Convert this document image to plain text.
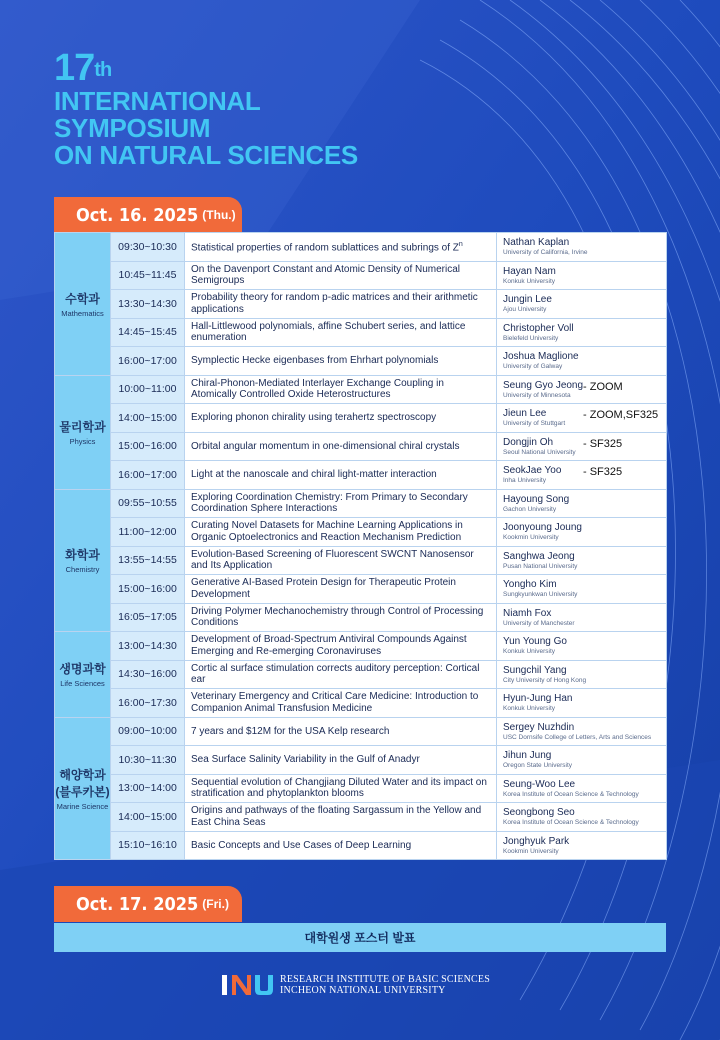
17th
INTERNATIONAL
SYMPOSIUM
ON NATURAL SCIENCES
Oct. 16. 2025 (Thu.)
수학과
Mathematics	09:30~10:30	Statistical properties of random sublattices and subrings of $Z^n$	Nathan Kaplan
University of California, Irvine

	10:45~11:45	On the Davenport Constant and Atomic Density of Numerical Semigroups	Hayan Nam
Konkuk University

	13:30~14:30	Probability theory for random p-adic matrices and their arithmetic applications	Jungin Lee
Ajou University

	14:45~15:45	Hall-Littlewood polynomials, affine Schubert series, and lattice enumeration	Christopher Voll
Bielefeld University

	16:00~17:00	Symplectic Hecke eigenbases from Ehrhart polynomials	Joshua Maglione
University of Galway

물리학과
Physics	10:00~11:00	Chiral-Phonon-Mediated Interlayer Exchange Coupling in Atomically Controlled Oxide Heterostructures	Seung Gyo Jeong
University of Minnesota
- ZOOM

	14:00~15:00	Exploring phonon chirality using terahertz spectroscopy	Jieun Lee
University of Stuttgart
- ZOOM,SF325

	15:00~16:00	Orbital angular momentum in one-dimensional chiral crystals	Dongjin Oh
Seoul National University
- SF325

	16:00~17:00	Light at the nanoscale and chiral light-matter interaction	SeokJae Yoo
Inha University
- SF325

화학과
Chemistry	09:55~10:55	Exploring Coordination Chemistry: From Primary to Secondary Coordination Sphere Interactions	Hayoung Song
Gachon University

	11:00~12:00	Curating Novel Datasets for Machine Learning Applications in Organic Optoelectronics and Reaction Mechanism Prediction	Joonyoung Joung
Kookmin University

	13:55~14:55	Evolution-Based Screening of Fluorescent SWCNT Nanosensor and Its Application	Sanghwa Jeong
Pusan National University

	15:00~16:00	Generative AI-Based Protein Design for Therapeutic Protein Development	Yongho Kim
Sungkyunkwan University

	16:05~17:05	Driving Polymer Mechanochemistry through Control of Processing Conditions	Niamh Fox
University of Manchester

생명과학
Life Sciences	13:00~14:30	Development of Broad-Spectrum Antiviral Compounds Against Emerging and Re-emerging Coronaviruses	Yun Young Go
Konkuk University

	14:30~16:00	Cortic al surface stimulation corrects auditory perception: Cortical ear	Sungchil Yang
City University of Hong Kong

	16:00~17:30	Veterinary Emergency and Critical Care Medicine: Introduction to Companion Animal Transfusion Medicine	Hyun-Jung Han
Konkuk University

해양학과
(블루카본)
Marine Science	09:00~10:00	7 years and $12M for the USA Kelp research	Sergey Nuzhdin
USC Dornsife College of Letters, Arts and Sciences

	10:30~11:30	Sea Surface Salinity Variability in the Gulf of Anadyr	Jihun Jung
Oregon State University

	13:00~14:00	Sequential evolution of Changjiang Diluted Water and its impact on stratification and phytoplankton blooms	Seung-Woo Lee
Korea Institute of Ocean Science & Technology

	14:00~15:00	Origins and pathways of the floating Sargassum in the Yellow and East China Seas	Seongbong Seo
Korea Institute of Ocean Science & Technology

	15:10~16:10	Basic Concepts and Use Cases of Deep Learning	Jonghyuk Park
Kookmin University
Oct. 17. 2025 (Fri.)
대학원생 포스터 발표
RESEARCH INSTITUTE OF BASIC SCIENCES
INCHEON NATIONAL UNIVERSITY
